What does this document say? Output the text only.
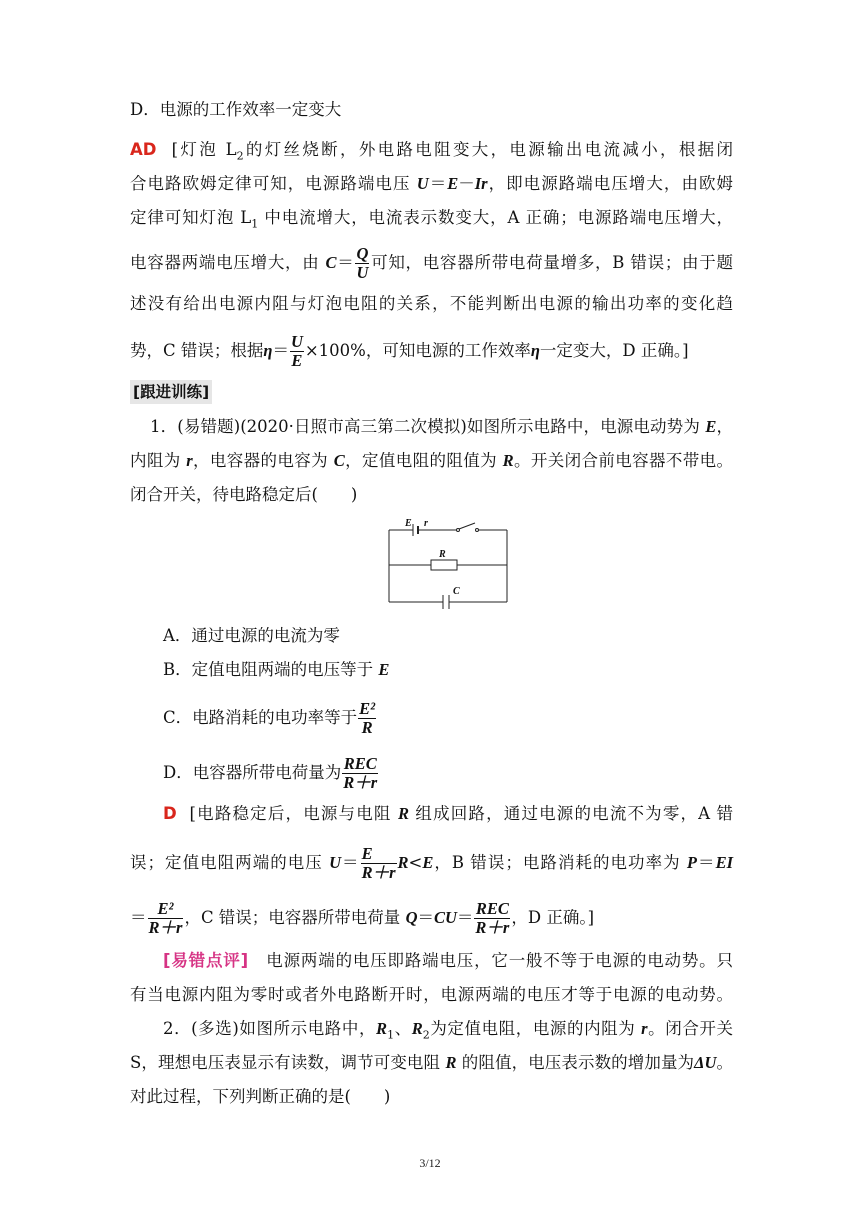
D．电源的工作效率一定变大
AD [灯泡 $L_2$的灯丝烧断，外电路电阻变大，电源输出电流减小，根据闭
合电路欧姆定律可知，电源路端电压 U＝E－Ir，即电源路端电压增大，由欧姆
定律可知灯泡 $L_1$ 中电流增大，电流表示数变大，A 正确；电源路端电压增大，
电容器两端电压增大，由 $C= \frac{Q}{U}$ 可知，电容器所带电荷量增多，B 错误；由于题
述没有给出电源内阻与灯泡电阻的关系，不能判断出电源的输出功率的变化趋
势，C 错误；根据$\eta= \frac{U}{E} \times 100\%$，可知电源的工作效率η一定变大，D 正确。]
[跟进训练]
1．(易错题)(2020·日照市高三第二次模拟)如图所示电路中，电源电动势为 E，
内阻为 r，电容器的电容为 C，定值电阻的阻值为 R。开关闭合前电容器不带电。
闭合开关，待电路稳定后(　　)
E r
R
C
A．通过电源的电流为零
B．定值电阻两端的电压等于 E
C．电路消耗的电功率等于 $\frac{\text{E²}}{R}$
D．电容器所带电荷量为 $\frac{\text{REC}}{R+r}$
D [电路稳定后，电源与电阻 R 组成回路，通过电源的电流不为零，A 错
误；定值电阻两端的电压 $U= \frac{E}{R+r} R<E$，B 错误；电路消耗的电功率为 P＝EI
＝ $\frac{\text{E²}}{R+r}$ ，C 错误；电容器所带电荷量 $Q=CU= \frac{\text{REC}}{R+r}$ ，D 正确。]
[易错点评]　电源两端的电压即路端电压，它一般不等于电源的电动势。只
有当电源内阻为零时或者外电路断开时，电源两端的电压才等于电源的电动势。
2．(多选)如图所示电路中，$R_1$、$R_2$为定值电阻，电源的内阻为 r。闭合开关
S，理想电压表显示有读数，调节可变电阻 R 的阻值，电压表示数的增加量为ΔU。
对此过程，下列判断正确的是(　　)
3/12
